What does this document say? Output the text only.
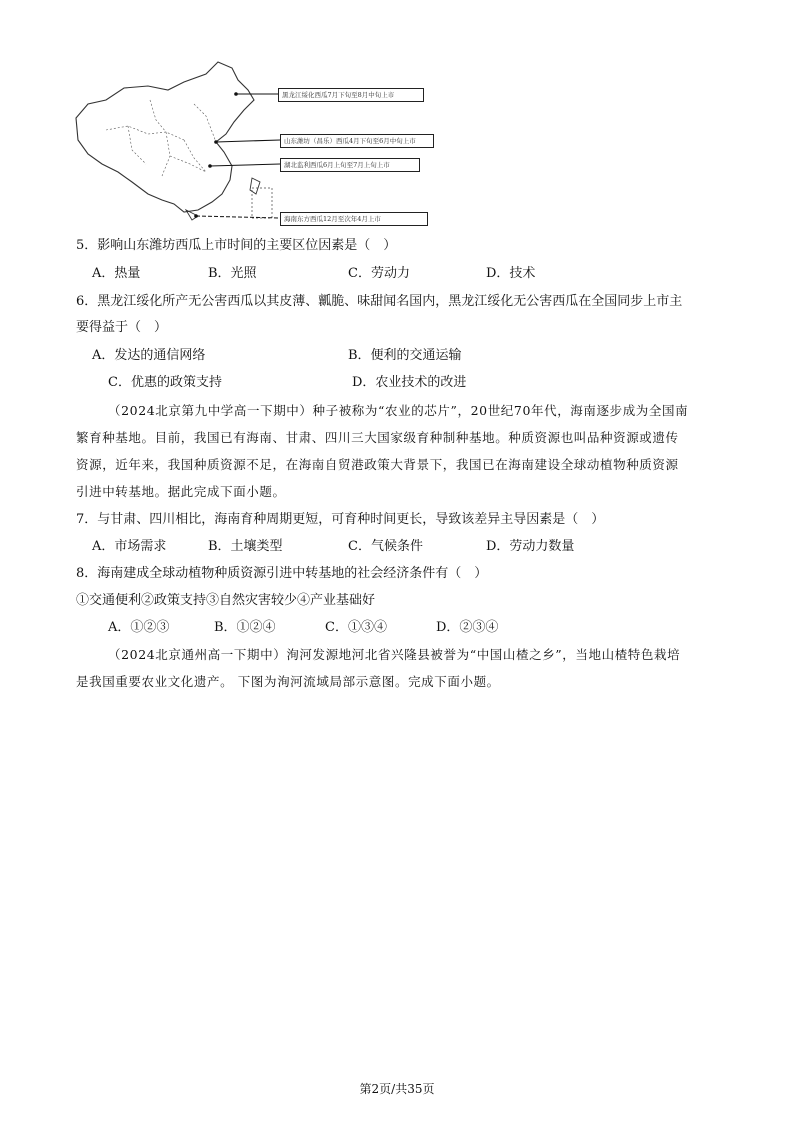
黑龙江绥化西瓜7月下旬至8月中旬上市
山东潍坊（昌乐）西瓜4月下旬至6月中旬上市
湖北监利西瓜6月上旬至7月上旬上市
海南东方西瓜12月至次年4月上市
5．影响山东潍坊西瓜上市时间的主要区位因素是（　）
A．热量	B．光照	C．劳动力	D．技术
6．黑龙江绥化所产无公害西瓜以其皮薄、瓤脆、味甜闻名国内，黑龙江绥化无公害西瓜在全国同步上市主
要得益于（　）
A．发达的通信网络	B．便利的交通运输
C．优惠的政策支持	D．农业技术的改进
（2024北京第九中学高一下期中）种子被称为“农业的芯片”，20世纪70年代，海南逐步成为全国南
繁育种基地。目前，我国已有海南、甘肃、四川三大国家级育种制种基地。种质资源也叫品种资源或遗传
资源，近年来，我国种质资源不足，在海南自贸港政策大背景下，我国已在海南建设全球动植物种质资源
引进中转基地。据此完成下面小题。
7．与甘肃、四川相比，海南育种周期更短，可育种时间更长，导致该差异主导因素是（　）
A．市场需求	B．土壤类型	C．气候条件	D．劳动力数量
8．海南建成全球动植物种质资源引进中转基地的社会经济条件有（　）
①交通便利②政策支持③自然灾害较少④产业基础好
A．①②③	B．①②④	C．①③④	D．②③④
（2024北京通州高一下期中）洵河发源地河北省兴隆县被誉为“中国山楂之乡”，当地山楂特色栽培
是我国重要农业文化遗产。 下图为洵河流域局部示意图。完成下面小题。
第2页/共35页
